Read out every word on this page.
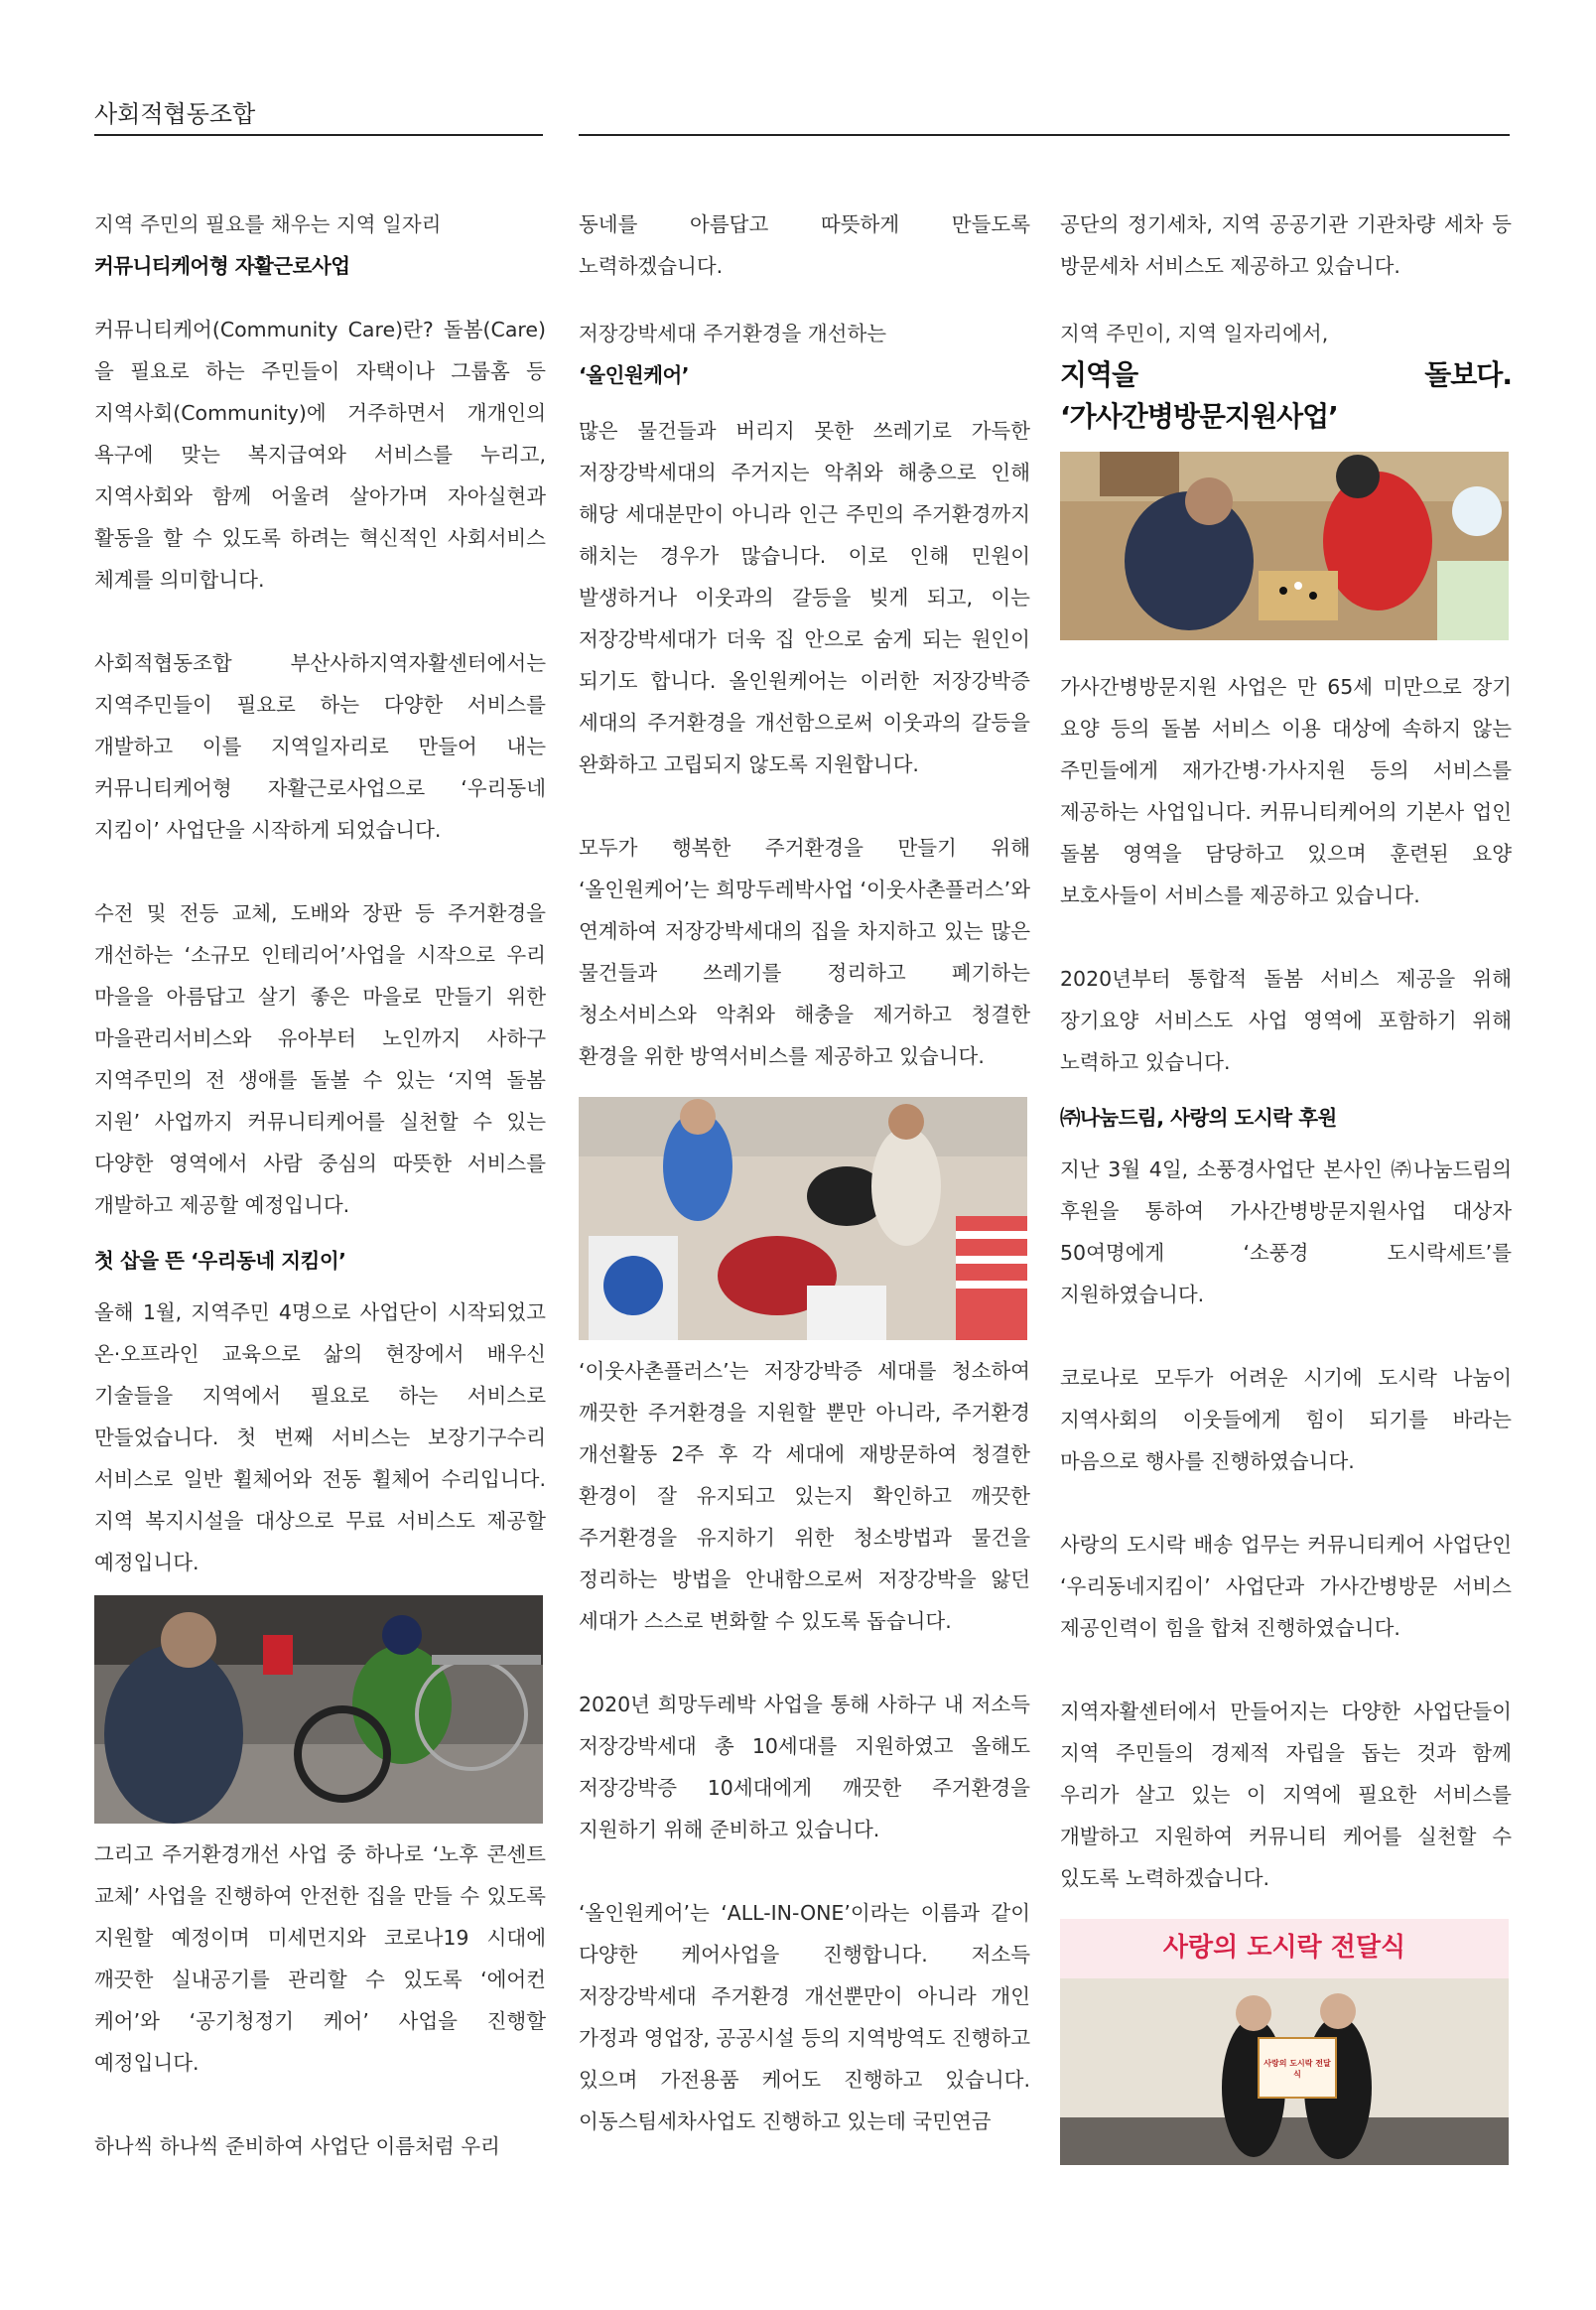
사회적협동조합

지역 주민의 필요를 채우는 지역 일자리

커뮤니티케어형 자활근로사업

커뮤니티케어(Community Care)란? 돌봄(Care)을 필요로 하는 주민들이 자택이나 그룹홈 등 지역사회(Community)에 거주하면서 개개인의 욕구에 맞는 복지급여와 서비스를 누리고, 지역사회와 함께 어울려 살아가며 자아실현과 활동을 할 수 있도록 하려는 혁신적인 사회서비스 체계를 의미합니다.

사회적협동조합 부산사하지역자활센터에서는 지역주민들이 필요로 하는 다양한 서비스를 개발하고 이를 지역일자리로 만들어 내는 커뮤니티케어형 자활근로사업으로 ‘우리동네 지킴이’ 사업단을 시작하게 되었습니다.

수전 및 전등 교체, 도배와 장판 등 주거환경을 개선하는 ‘소규모 인테리어’사업을 시작으로 우리 마을을 아름답고 살기 좋은 마을로 만들기 위한 마을관리서비스와 유아부터 노인까지 사하구 지역주민의 전 생애를 돌볼 수 있는 ‘지역 돌봄 지원’ 사업까지 커뮤니티케어를 실천할 수 있는 다양한 영역에서 사람 중심의 따뜻한 서비스를 개발하고 제공할 예정입니다.

첫 삽을 뜬 ‘우리동네 지킴이’

올해 1월, 지역주민 4명으로 사업단이 시작되었고 온·오프라인 교육으로 삶의 현장에서 배우신 기술들을 지역에서 필요로 하는 서비스로 만들었습니다. 첫 번째 서비스는 보장기구수리 서비스로 일반 휠체어와 전동 휠체어 수리입니다. 지역 복지시설을 대상으로 무료 서비스도 제공할 예정입니다.

그리고 주거환경개선 사업 중 하나로 ‘노후 콘센트 교체’ 사업을 진행하여 안전한 집을 만들 수 있도록 지원할 예정이며 미세먼지와 코로나19 시대에 깨끗한 실내공기를 관리할 수 있도록 ‘에어컨 케어’와 ‘공기청정기 케어’ 사업을 진행할 예정입니다.

하나씩 하나씩 준비하여 사업단 이름처럼 우리

동네를 아름답고 따뜻하게 만들도록 노력하겠습니다.

저장강박세대 주거환경을 개선하는

‘올인원케어’

많은 물건들과 버리지 못한 쓰레기로 가득한 저장강박세대의 주거지는 악취와 해충으로 인해 해당 세대분만이 아니라 인근 주민의 주거환경까지 해치는 경우가 많습니다. 이로 인해 민원이 발생하거나 이웃과의 갈등을 빚게 되고, 이는 저장강박세대가 더욱 집 안으로 숨게 되는 원인이 되기도 합니다. 올인원케어는 이러한 저장강박증 세대의 주거환경을 개선함으로써 이웃과의 갈등을 완화하고 고립되지 않도록 지원합니다.

모두가 행복한 주거환경을 만들기 위해 ‘올인원케어’는 희망두레박사업 ‘이웃사촌플러스’와 연계하여 저장강박세대의 집을 차지하고 있는 많은 물건들과 쓰레기를 정리하고 폐기하는 청소서비스와 악취와 해충을 제거하고 청결한 환경을 위한 방역서비스를 제공하고 있습니다.

‘이웃사촌플러스’는 저장강박증 세대를 청소하여 깨끗한 주거환경을 지원할 뿐만 아니라, 주거환경 개선활동 2주 후 각 세대에 재방문하여 청결한 환경이 잘 유지되고 있는지 확인하고 깨끗한 주거환경을 유지하기 위한 청소방법과 물건을 정리하는 방법을 안내함으로써 저장강박을 앓던 세대가 스스로 변화할 수 있도록 돕습니다.

2020년 희망두레박 사업을 통해 사하구 내 저소득 저장강박세대 총 10세대를 지원하였고 올해도 저장강박증 10세대에게 깨끗한 주거환경을 지원하기 위해 준비하고 있습니다.

‘올인원케어’는 ‘ALL-IN-ONE’이라는 이름과 같이 다양한 케어사업을 진행합니다. 저소득 저장강박세대 주거환경 개선뿐만이 아니라 개인 가정과 영업장, 공공시설 등의 지역방역도 진행하고 있으며 가전용품 케어도 진행하고 있습니다. 이동스팀세차사업도 진행하고 있는데 국민연금

공단의 정기세차, 지역 공공기관 기관차량 세차 등 방문세차 서비스도 제공하고 있습니다.

지역 주민이, 지역 일자리에서,

지역을 돌보다. ‘가사간병방문지원사업’

가사간병방문지원 사업은 만 65세 미만으로 장기 요양 등의 돌봄 서비스 이용 대상에 속하지 않는 주민들에게 재가간병·가사지원 등의 서비스를 제공하는 사업입니다. 커뮤니티케어의 기본사 업인 돌봄 영역을 담당하고 있으며 훈련된 요양 보호사들이 서비스를 제공하고 있습니다.

2020년부터 통합적 돌봄 서비스 제공을 위해 장기요양 서비스도 사업 영역에 포함하기 위해 노력하고 있습니다.

㈜나눔드림, 사랑의 도시락 후원

지난 3월 4일, 소풍경사업단 본사인 ㈜나눔드림의 후원을 통하여 가사간병방문지원사업 대상자 50여명에게 ‘소풍경 도시락세트’를 지원하였습니다.

코로나로 모두가 어려운 시기에 도시락 나눔이 지역사회의 이웃들에게 힘이 되기를 바라는 마음으로 행사를 진행하였습니다.

사랑의 도시락 배송 업무는 커뮤니티케어 사업단인 ‘우리동네지킴이’ 사업단과 가사간병방문 서비스 제공인력이 힘을 합쳐 진행하였습니다.

지역자활센터에서 만들어지는 다양한 사업단들이 지역 주민들의 경제적 자립을 돕는 것과 함께 우리가 살고 있는 이 지역에 필요한 서비스를 개발하고 지원하여 커뮤니티 케어를 실천할 수 있도록 노력하겠습니다.

사랑의 도시락 전달식
사랑의 도시락 전달식
